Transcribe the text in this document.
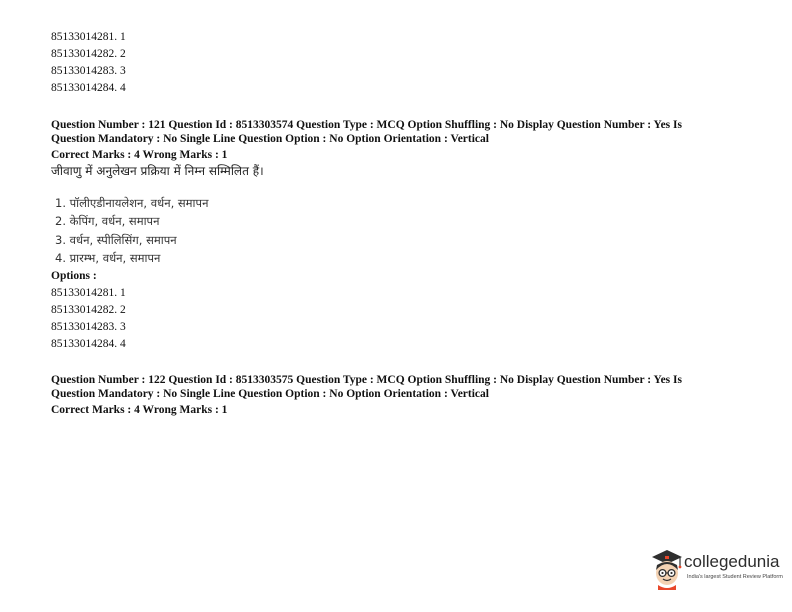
85133014281. 1
85133014282. 2
85133014283. 3
85133014284. 4
Question Number : 121 Question Id : 8513303574 Question Type : MCQ Option Shuffling : No Display Question Number : Yes Is
Question Mandatory : No Single Line Question Option : No Option Orientation : Vertical
Correct Marks : 4 Wrong Marks : 1
जीवाणु में अनुलेखन प्रक्रिया में निम्न सम्मिलित हैं।
1. पॉलीएडीनायलेशन, वर्धन, समापन
2. केपिंग, वर्धन, समापन
3. वर्धन, स्पीलिसिंग, समापन
4. प्रारम्भ, वर्धन, समापन
Options :
85133014281. 1
85133014282. 2
85133014283. 3
85133014284. 4
Question Number : 122 Question Id : 8513303575 Question Type : MCQ Option Shuffling : No Display Question Number : Yes Is
Question Mandatory : No Single Line Question Option : No Option Orientation : Vertical
Correct Marks : 4 Wrong Marks : 1
collegedunia
India's largest Student Review Platform
